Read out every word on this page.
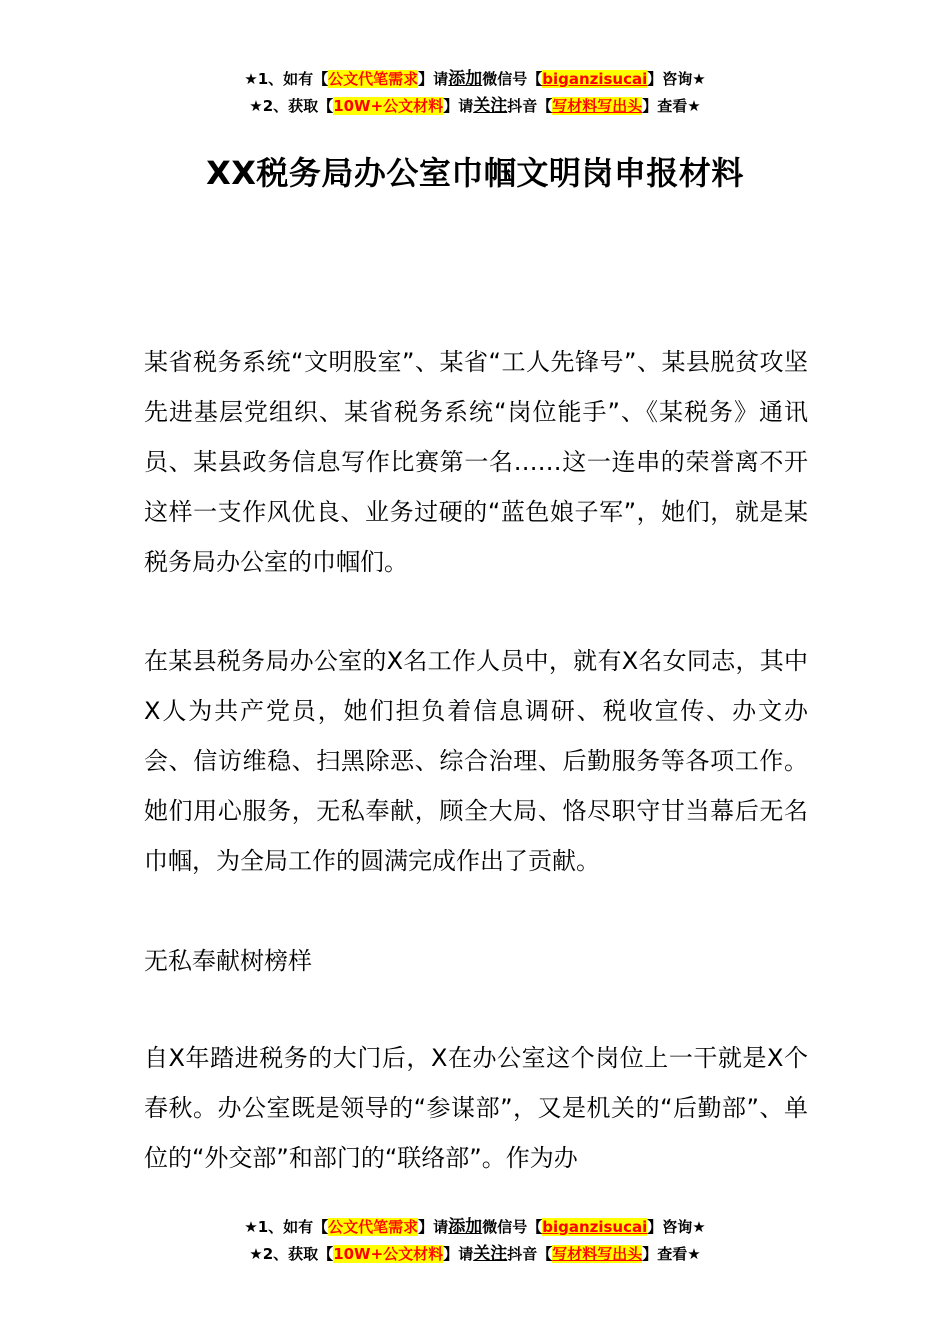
★1、如有【公文代笔需求】请添加微信号【biganzisucai】咨询★
★2、获取【10W+公文材料】请关注抖音【写材料写出头】查看★
XX税务局办公室巾帼文明岗申报材料

某省税务系统“文明股室”、某省“工人先锋号”、某县脱贫攻坚先进基层党组织、某省税务系统“岗位能手”、《某税务》通讯员、某县政务信息写作比赛第一名……这一连串的荣誉离不开这样一支作风优良、业务过硬的“蓝色娘子军”，她们，就是某税务局办公室的巾帼们。

在某县税务局办公室的X名工作人员中，就有X名女同志，其中X人为共产党员，她们担负着信息调研、税收宣传、办文办会、信访维稳、扫黑除恶、综合治理、后勤服务等各项工作。她们用心服务，无私奉献，顾全大局、恪尽职守甘当幕后无名巾帼，为全局工作的圆满完成作出了贡献。

无私奉献树榜样

自X年踏进税务的大门后，X在办公室这个岗位上一干就是X个春秋。办公室既是领导的“参谋部”，又是机关的“后勤部”、单位的“外交部”和部门的“联络部”。作为办

★1、如有【公文代笔需求】请添加微信号【biganzisucai】咨询★
★2、获取【10W+公文材料】请关注抖音【写材料写出头】查看★
